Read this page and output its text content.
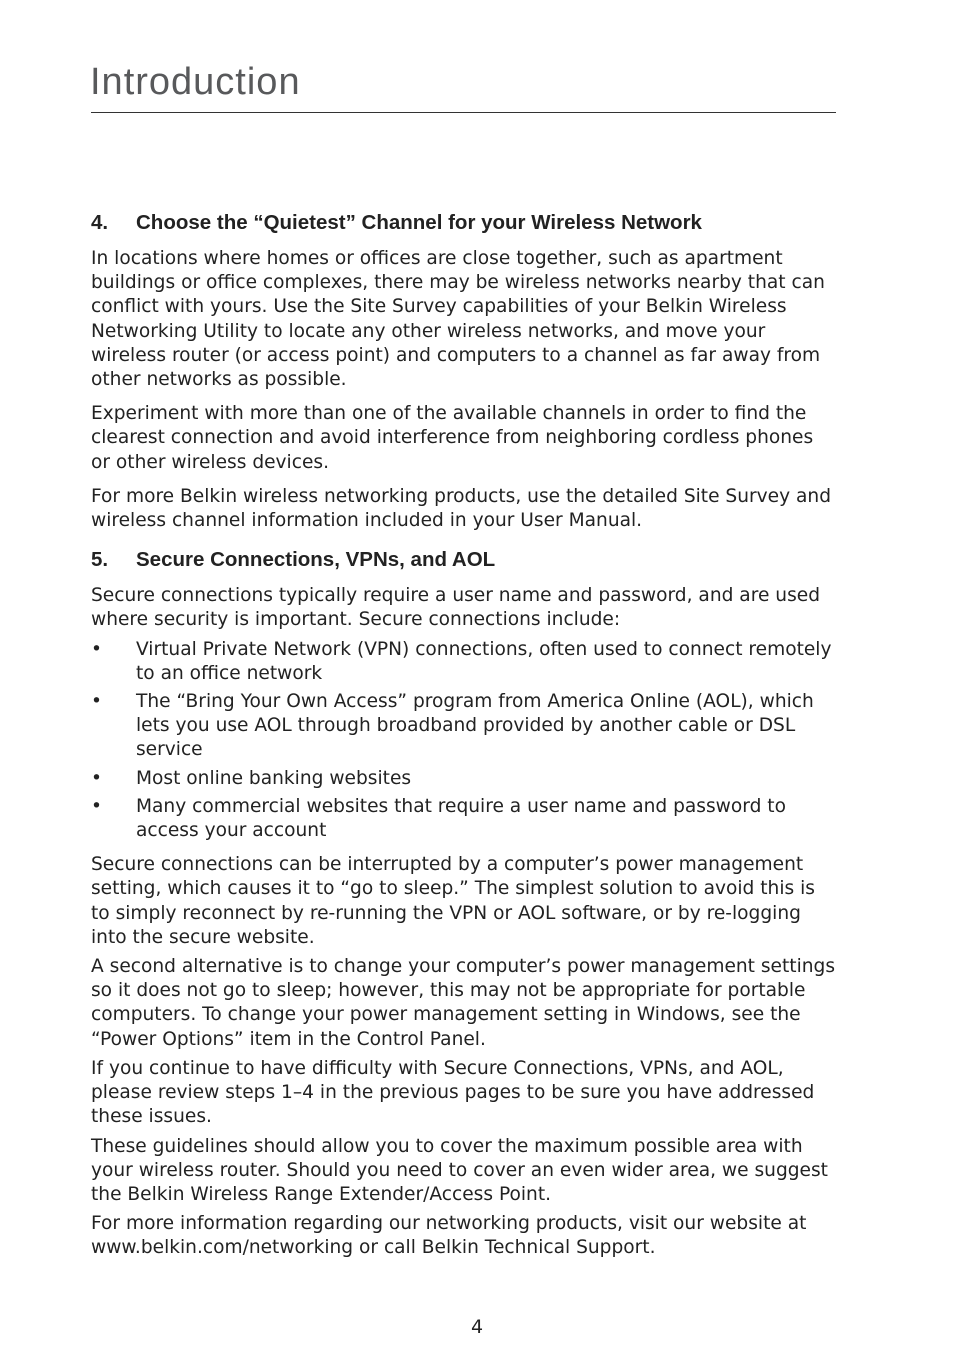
Introduction
4.	Choose the “Quietest” Channel for your Wireless Network

In locations where homes or offices are close together, such as apartment buildings or office complexes, there may be wireless networks nearby that can conflict with yours. Use the Site Survey capabilities of your Belkin Wireless Networking Utility to locate any other wireless networks, and move your wireless router (or access point) and computers to a channel as far away from other networks as possible.

Experiment with more than one of the available channels in order to find the clearest connection and avoid interference from neighboring cordless phones or other wireless devices.

For more Belkin wireless networking products, use the detailed Site Survey and wireless channel information included in your User Manual.

5.	Secure Connections, VPNs, and AOL

Secure connections typically require a user name and password, and are used where security is important. Secure connections include:

•	Virtual Private Network (VPN) connections, often used to connect remotely to an office network
•	The “Bring Your Own Access” program from America Online (AOL), which lets you use AOL through broadband provided by another cable or DSL service
•	Most online banking websites
•	Many commercial websites that require a user name and password to access your account

Secure connections can be interrupted by a computer’s power management setting, which causes it to “go to sleep.” The simplest solution to avoid this is to simply reconnect by re-running the VPN or AOL software, or by re-logging into the secure website.

A second alternative is to change your computer’s power management settings so it does not go to sleep; however, this may not be appropriate for portable computers. To change your power management setting in Windows, see the “Power Options” item in the Control Panel.

If you continue to have difficulty with Secure Connections, VPNs, and AOL, please review steps 1–4 in the previous pages to be sure you have addressed these issues.

These guidelines should allow you to cover the maximum possible area with your wireless router. Should you need to cover an even wider area, we suggest the Belkin Wireless Range Extender/Access Point.

For more information regarding our networking products, visit our website at www.belkin.com/networking or call Belkin Technical Support.

4
